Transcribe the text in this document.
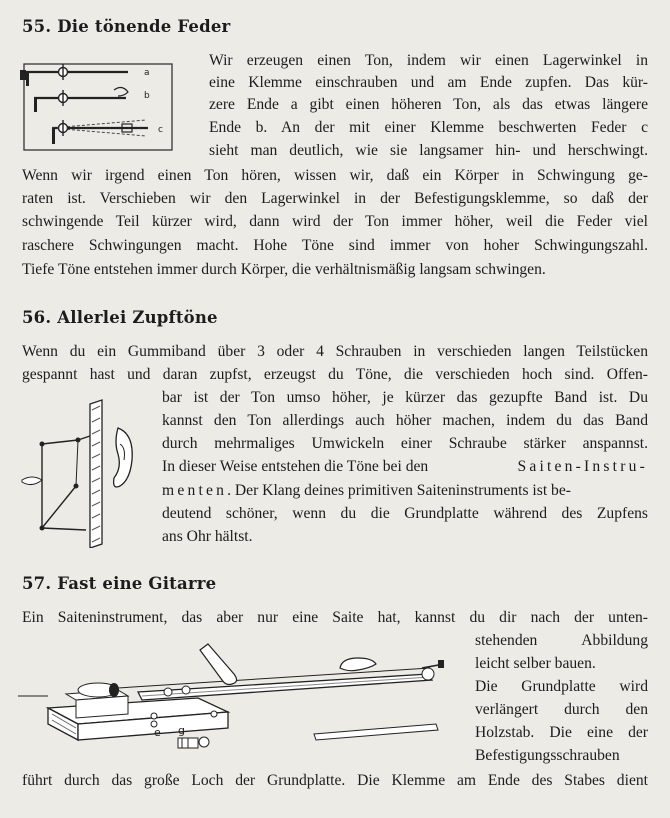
55. Die tönende Feder
a
b
c
Wir erzeugen einen Ton, indem wir einen Lagerwinkel in
eine Klemme einschrauben und am Ende zupfen. Das kür-
zere Ende a gibt einen höheren Ton, als das etwas längere
Ende b. An der mit einer Klemme beschwerten Feder c
sieht man deutlich, wie sie langsamer hin- und herschwingt.
Wenn wir irgend einen Ton hören, wissen wir, daß ein Körper in Schwingung ge-
raten ist. Verschieben wir den Lagerwinkel in der Befestigungsklemme, so daß der
schwingende Teil kürzer wird, dann wird der Ton immer höher, weil die Feder viel
raschere Schwingungen macht. Hohe Töne sind immer von hoher Schwingungszahl.
Tiefe Töne entstehen immer durch Körper, die verhältnismäßig langsam schwingen.
56. Allerlei Zupftöne
Wenn du ein Gummiband über 3 oder 4 Schrauben in verschieden langen Teilstücken
gespannt hast und daran zupfst, erzeugst du Töne, die verschieden hoch sind. Offen-
bar ist der Ton umso höher, je kürzer das gezupfte Band ist. Du
kannst den Ton allerdings auch höher machen, indem du das Band
durch mehrmaliges Umwickeln einer Schraube stärker anspannst.
In dieser Weise entstehen die Töne bei den	Saiten-Instru-
menten. Der Klang deines primitiven Saiteninstruments ist be-
deutend schöner, wenn du die Grundplatte während des Zupfens
ans Ohr hältst.
57. Fast eine Gitarre
Ein Saiteninstrument, das aber nur eine Saite hat, kannst du dir nach der unten-
stehenden Abbildung
leicht selber bauen.
Die Grundplatte wird
verlängert durch den
Holzstab. Die eine der
Befestigungsschrauben
führt durch das große Loch der Grundplatte. Die Klemme am Ende des Stabes dient
e g
